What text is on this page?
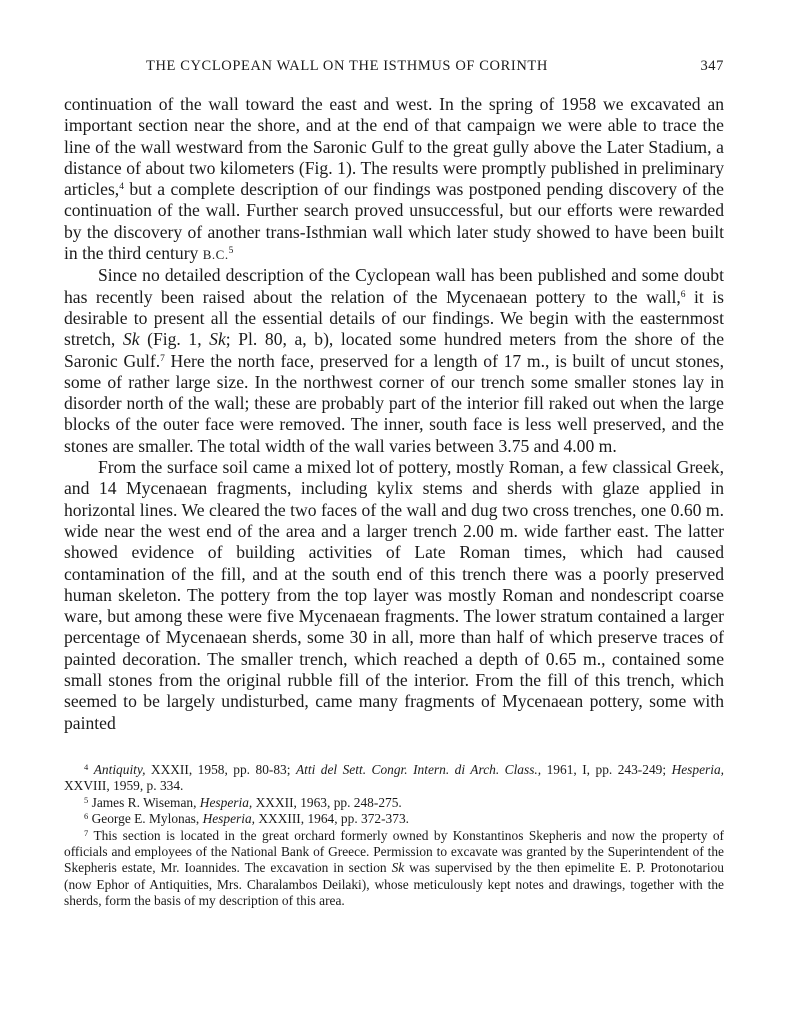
THE CYCLOPEAN WALL ON THE ISTHMUS OF CORINTH	347

continuation of the wall toward the east and west. In the spring of 1958 we excavated an important section near the shore, and at the end of that campaign we were able to trace the line of the wall westward from the Saronic Gulf to the great gully above the Later Stadium, a distance of about two kilometers (Fig. 1). The results were promptly published in preliminary articles,$^4$ but a complete description of our findings was postponed pending discovery of the continuation of the wall. Further search proved unsuccessful, but our efforts were rewarded by the discovery of another trans-Isthmian wall which later study showed to have been built in the third century B.C.$^5$

Since no detailed description of the Cyclopean wall has been published and some doubt has recently been raised about the relation of the Mycenaean pottery to the wall,$^6$ it is desirable to present all the essential details of our findings. We begin with the easternmost stretch, Sk (Fig. 1, Sk; Pl. 80, a, b), located some hundred meters from the shore of the Saronic Gulf.$^7$ Here the north face, preserved for a length of 17 m., is built of uncut stones, some of rather large size. In the northwest corner of our trench some smaller stones lay in disorder north of the wall; these are probably part of the interior fill raked out when the large blocks of the outer face were removed. The inner, south face is less well preserved, and the stones are smaller. The total width of the wall varies between 3.75 and 4.00 m.

From the surface soil came a mixed lot of pottery, mostly Roman, a few classical Greek, and 14 Mycenaean fragments, including kylix stems and sherds with glaze applied in horizontal lines. We cleared the two faces of the wall and dug two cross trenches, one 0.60 m. wide near the west end of the area and a larger trench 2.00 m. wide farther east. The latter showed evidence of building activities of Late Roman times, which had caused contamination of the fill, and at the south end of this trench there was a poorly preserved human skeleton. The pottery from the top layer was mostly Roman and nondescript coarse ware, but among these were five Mycenaean fragments. The lower stratum contained a larger percentage of Mycenaean sherds, some 30 in all, more than half of which preserve traces of painted decoration. The smaller trench, which reached a depth of 0.65 m., contained some small stones from the original rubble fill of the interior. From the fill of this trench, which seemed to be largely undisturbed, came many fragments of Mycenaean pottery, some with painted

$^4$ Antiquity, XXXII, 1958, pp. 80-83; Atti del Sett. Congr. Intern. di Arch. Class., 1961, I, pp. 243-249; Hesperia, XXVIII, 1959, p. 334.

$^5$ James R. Wiseman, Hesperia, XXXII, 1963, pp. 248-275.

$^6$ George E. Mylonas, Hesperia, XXXIII, 1964, pp. 372-373.

$^7$ This section is located in the great orchard formerly owned by Konstantinos Skepheris and now the property of officials and employees of the National Bank of Greece. Permission to excavate was granted by the Superintendent of the Skepheris estate, Mr. Ioannides. The excavation in section Sk was supervised by the then epimelite E. P. Protonotariou (now Ephor of Antiquities, Mrs. Charalambos Deilaki), whose meticulously kept notes and drawings, together with the sherds, form the basis of my description of this area.
